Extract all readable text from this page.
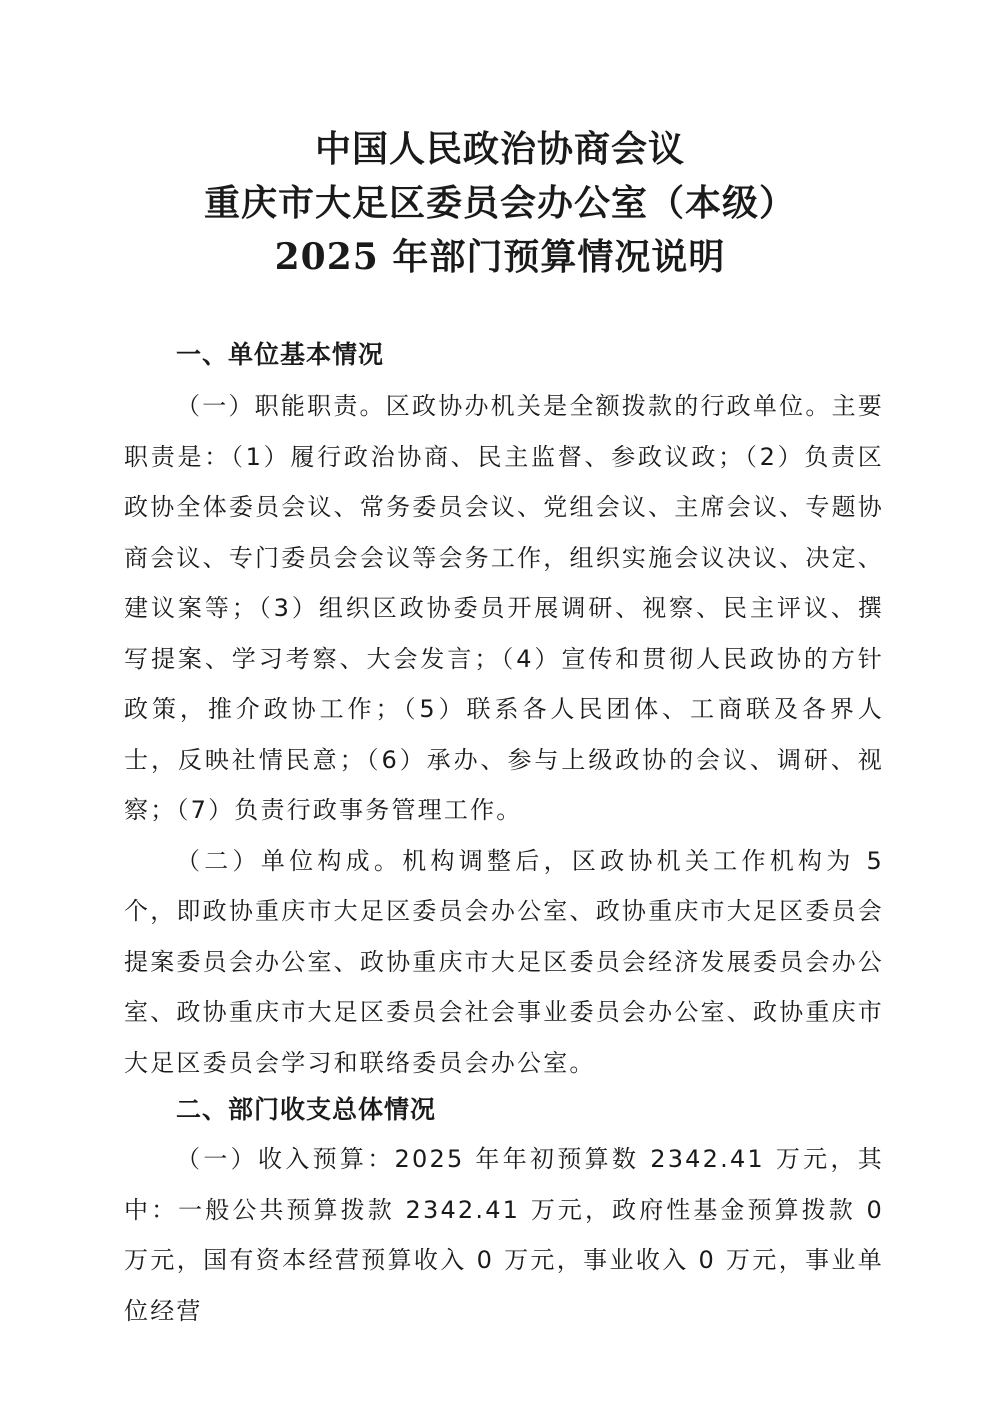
中国人民政治协商会议
重庆市大足区委员会办公室（本级）
2025 年部门预算情况说明
一、单位基本情况

（一）职能职责。区政协办机关是全额拨款的行政单位。主要职责是：（1）履行政治协商、民主监督、参政议政；（2）负责区政协全体委员会议、常务委员会议、党组会议、主席会议、专题协商会议、专门委员会会议等会务工作，组织实施会议决议、决定、建议案等；（3）组织区政协委员开展调研、视察、民主评议、撰写提案、学习考察、大会发言；（4）宣传和贯彻人民政协的方针政策，推介政协工作；（5）联系各人民团体、工商联及各界人士，反映社情民意；（6）承办、参与上级政协的会议、调研、视察；（7）负责行政事务管理工作。

（二）单位构成。机构调整后，区政协机关工作机构为 5 个，即政协重庆市大足区委员会办公室、政协重庆市大足区委员会提案委员会办公室、政协重庆市大足区委员会经济发展委员会办公室、政协重庆市大足区委员会社会事业委员会办公室、政协重庆市大足区委员会学习和联络委员会办公室。

二、部门收支总体情况

（一）收入预算：2025 年年初预算数 2342.41 万元，其中：一般公共预算拨款 2342.41 万元，政府性基金预算拨款 0 万元，国有资本经营预算收入 0 万元，事业收入 0 万元，事业单位经营
